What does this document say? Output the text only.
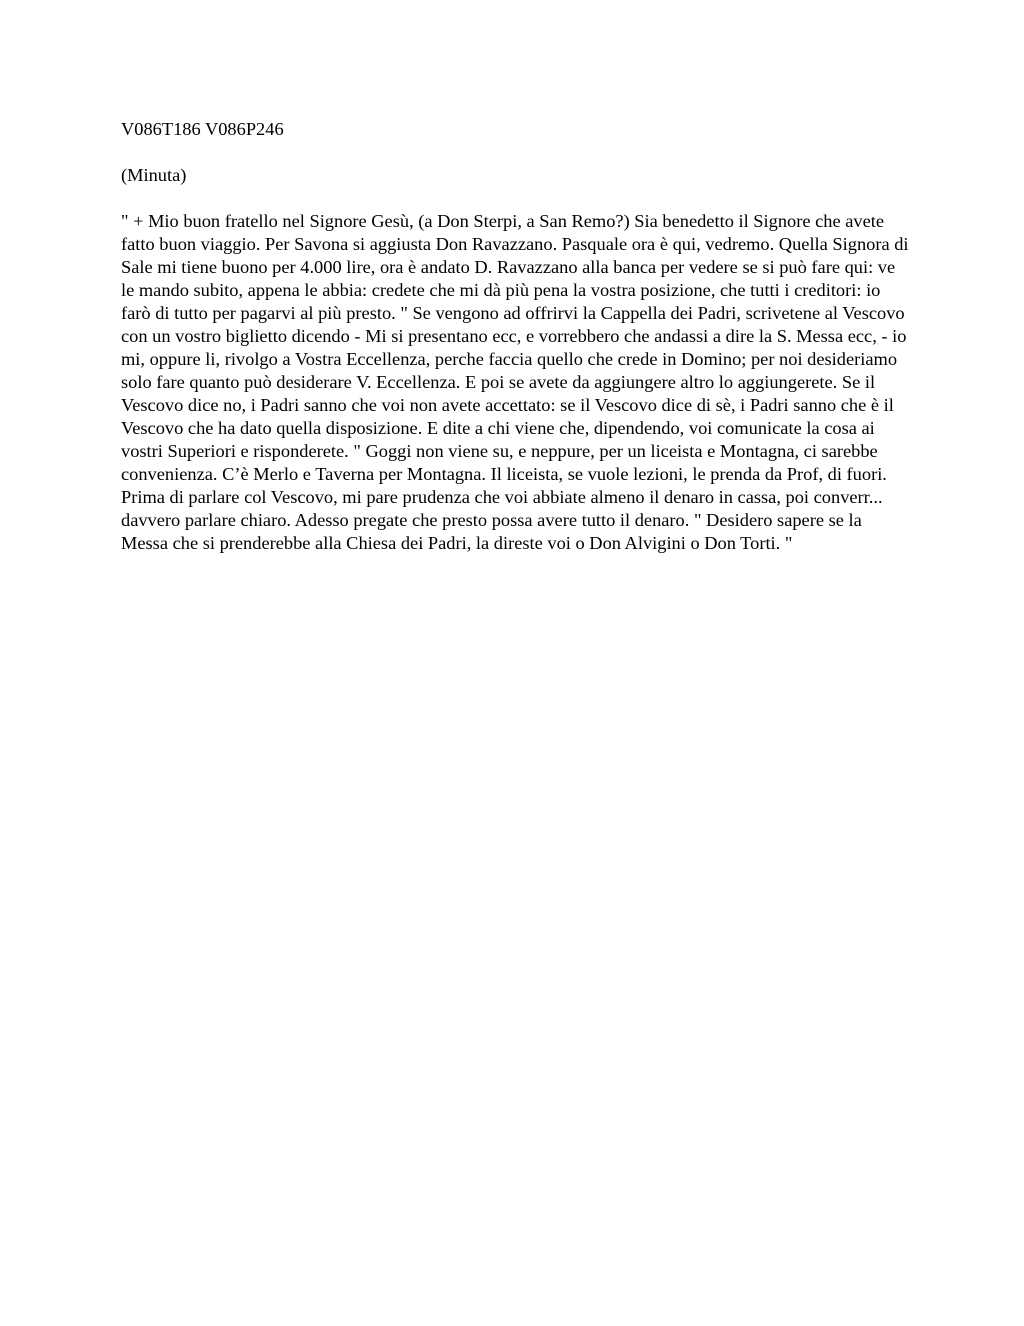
V086T186 V086P246

(Minuta)

" + Mio buon fratello nel Signore Gesù, (a Don Sterpi, a San Remo?) Sia benedetto il Signore che avete fatto buon viaggio. Per Savona si aggiusta Don Ravazzano. Pasquale ora è qui, vedremo. Quella Signora di Sale mi tiene buono per 4.000 lire, ora è andato D. Ravazzano alla banca per vedere se si può fare qui: ve le mando subito, appena le abbia: credete che mi dà più pena la vostra posizione, che tutti i creditori: io farò di tutto per pagarvi al più presto. " Se vengono ad offrirvi la Cappella dei Padri, scrivetene al Vescovo con un vostro biglietto dicendo - Mi si presentano ecc, e vorrebbero che andassi a dire la S. Messa ecc, - io mi, oppure li, rivolgo a Vostra Eccellenza, perche faccia quello che crede in Domino; per noi desideriamo solo fare quanto può desiderare V. Eccellenza. E poi se avete da aggiungere altro lo aggiungerete. Se il Vescovo dice no, i Padri sanno che voi non avete accettato: se il Vescovo dice di sè, i Padri sanno che è il Vescovo che ha dato quella disposizione. E dite a chi viene che, dipendendo, voi comunicate la cosa ai vostri Superiori e risponderete. " Goggi non viene su, e neppure, per un liceista e Montagna, ci sarebbe convenienza. C’è Merlo e Taverna per Montagna. Il liceista, se vuole lezioni, le prenda da Prof, di fuori. Prima di parlare col Vescovo, mi pare prudenza che voi abbiate almeno il denaro in cassa, poi converr... davvero parlare chiaro. Adesso pregate che presto possa avere tutto il denaro. " Desidero sapere se la Messa che si prenderebbe alla Chiesa dei Padri, la direste voi o Don Alvigini o Don Torti. "
